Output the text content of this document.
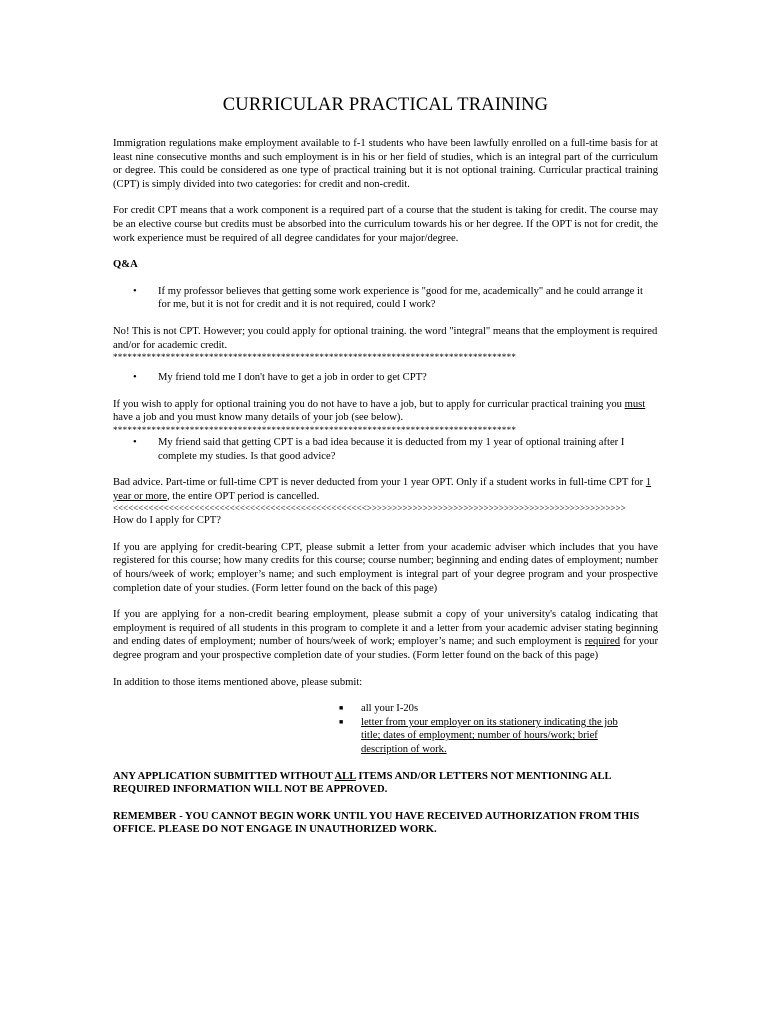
CURRICULAR PRACTICAL TRAINING

Immigration regulations make employment available to f-1 students who have been lawfully enrolled on a full-time basis for at least nine consecutive months and such employment is in his or her field of studies, which is an integral part of the curriculum or degree. This could be considered as one type of practical training but it is not optional training. Curricular practical training (CPT) is simply divided into two categories: for credit and non-credit.

For credit CPT means that a work component is a required part of a course that the student is taking for credit. The course may be an elective course but credits must be absorbed into the curriculum towards his or her degree. If the OPT is not for credit, the work experience must be required of all degree candidates for your major/degree.

Q&A

•	If my professor believes that getting some work experience is "good for me, academically" and he could arrange it for me, but it is not for credit and it is not required, could I work?

No! This is not CPT. However; you could apply for optional training. the word "integral" means that the employment is required and/or for academic credit.

************************************************************************************
•	My friend told me I don't have to get a job in order to get CPT?

If you wish to apply for optional training you do not have to have a job, but to apply for curricular practical training you must have a job and you must know many details of your job (see below).

************************************************************************************
•	My friend said that getting CPT is a bad idea because it is deducted from my 1 year of optional training after I complete my studies. Is that good advice?

Bad advice. Part-time or full-time CPT is never deducted from your 1 year OPT. Only if a student works in full-time CPT for 1 year or more, the entire OPT period is cancelled.

<<<<<<<<<<<<<<<<<<<<<<<<<<<<<<<<<<<<<<<<<<<<<<<<<<>>>>>>>>>>>>>>>>>>>>>>>>>>>>>>>>>>>>>>>>>>>>>>>>>>>

How do I apply for CPT?

If you are applying for credit-bearing CPT, please submit a letter from your academic adviser which includes that you have registered for this course; how many credits for this course; course number; beginning and ending dates of employment; number of hours/week of work; employer’s name; and such employment is integral part of your degree program and your prospective completion date of your studies. (Form letter found on the back of this page)

If you are applying for a non-credit bearing employment, please submit a copy of your university's catalog indicating that employment is required of all students in this program to complete it and a letter from your academic adviser stating beginning and ending dates of employment; number of hours/week of work; employer’s name; and such employment is required for your degree program and your prospective completion date of your studies. (Form letter found on the back of this page)

In addition to those items mentioned above, please submit:

■	all your I-20s
■	letter from your employer on its stationery indicating the job title; dates of employment; number of hours/work; brief description of work.

ANY APPLICATION SUBMITTED WITHOUT ALL ITEMS AND/OR LETTERS NOT MENTIONING ALL REQUIRED INFORMATION WILL NOT BE APPROVED.

REMEMBER - YOU CANNOT BEGIN WORK UNTIL YOU HAVE RECEIVED AUTHORIZATION FROM THIS OFFICE. PLEASE DO NOT ENGAGE IN UNAUTHORIZED WORK.
